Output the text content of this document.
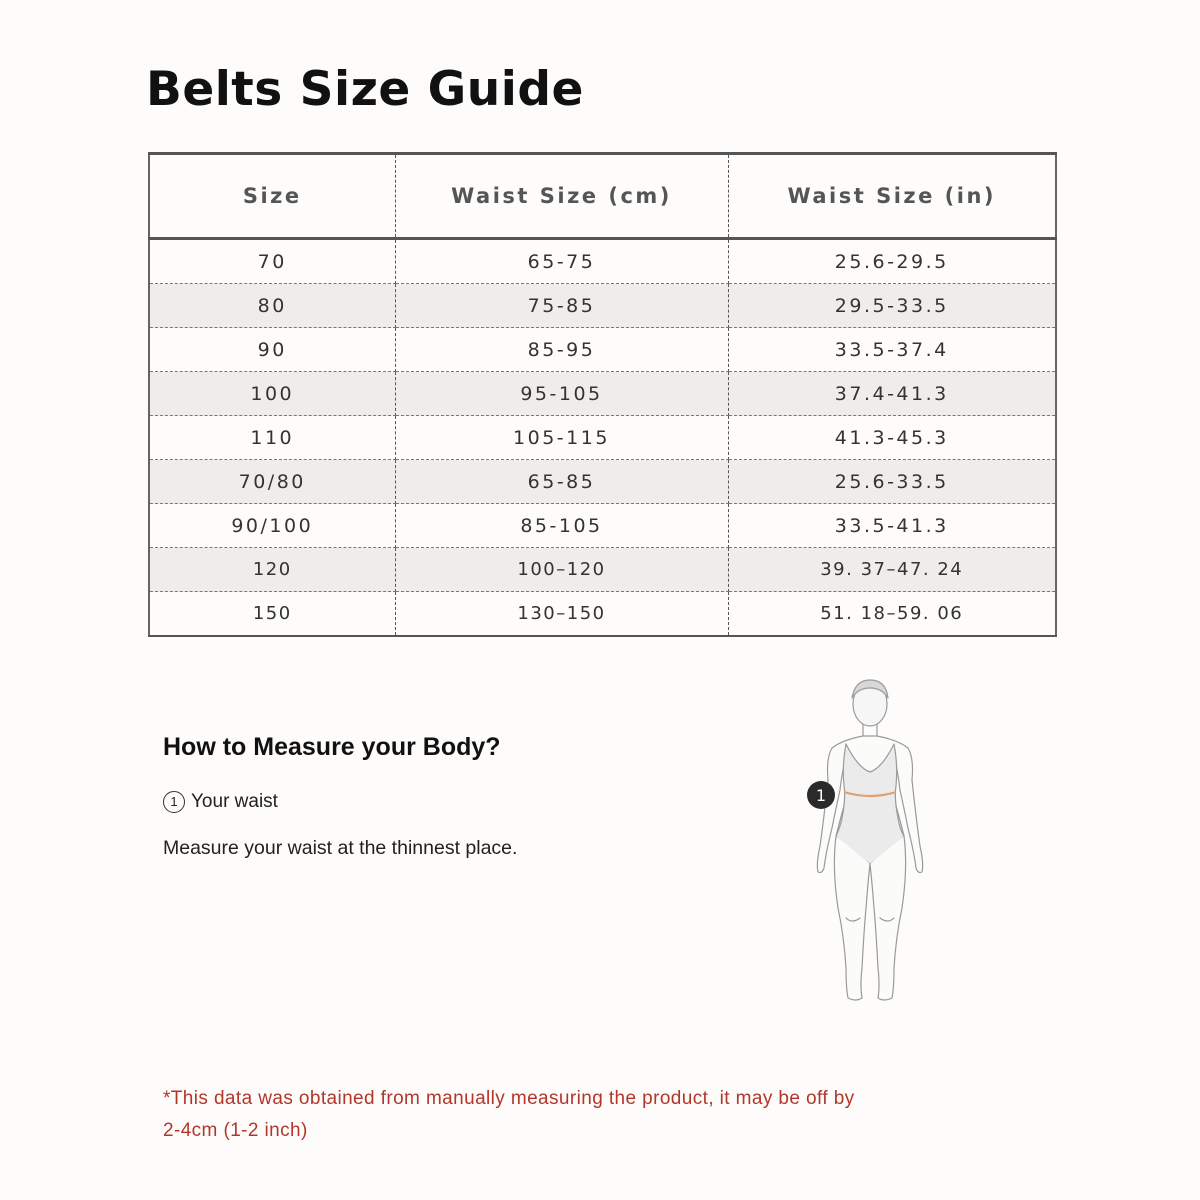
Belts Size Guide
Size	Waist Size (cm)	Waist Size (in)
70	65-75	25.6-29.5
80	75-85	29.5-33.5
90	85-95	33.5-37.4
100	95-105	37.4-41.3
110	105-115	41.3-45.3
70/80	65-85	25.6-33.5
90/100	85-105	33.5-41.3
120	100–120	39. 37–47. 24
150	130–150	51. 18–59. 06
How to Measure your Body?

1 Your waist

Measure your waist at the thinnest place.

1

*This data was obtained from manually measuring the product, it may be off by
2-4cm (1-2 inch)
